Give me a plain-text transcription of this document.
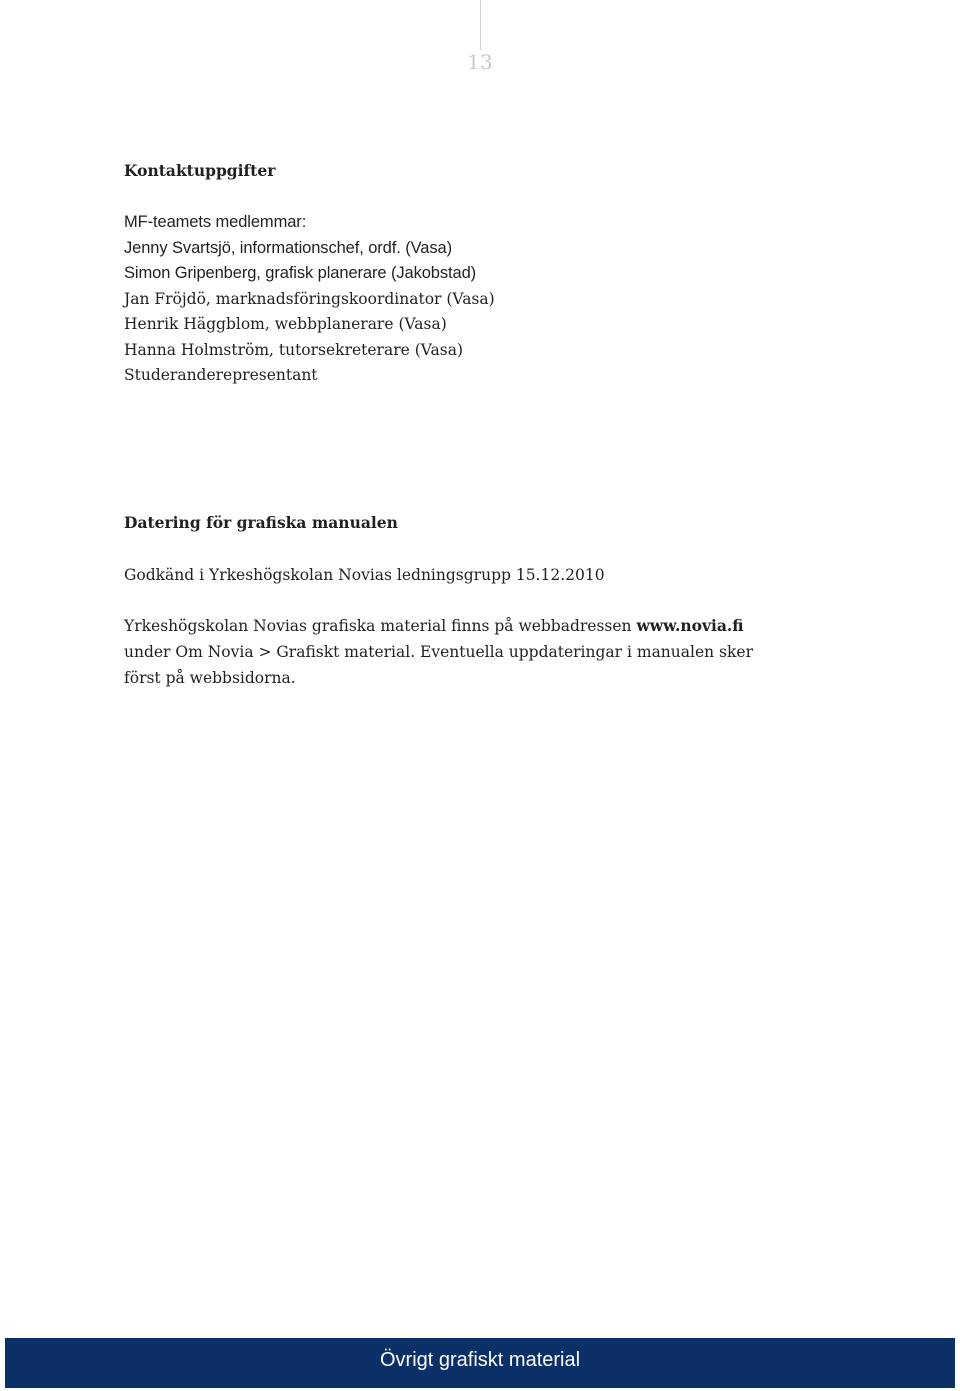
13
Kontaktuppgifter
MF-teamets medlemmar:
Jenny Svartsjö, informationschef, ordf. (Vasa)
Simon Gripenberg, grafisk planerare (Jakobstad)
Jan Fröjdö, marknadsföringskoordinator (Vasa)
Henrik Häggblom, webbplanerare (Vasa)
Hanna Holmström, tutorsekreterare (Vasa)
Studeranderepresentant
Datering för grafiska manualen
Godkänd i Yrkeshögskolan Novias ledningsgrupp 15.12.2010

Yrkeshögskolan Novias grafiska material finns på webbadressen www.novia.fi under Om Novia > Grafiskt material. Eventuella uppdateringar i manualen sker först på webbsidorna.

Övrigt grafiskt material
